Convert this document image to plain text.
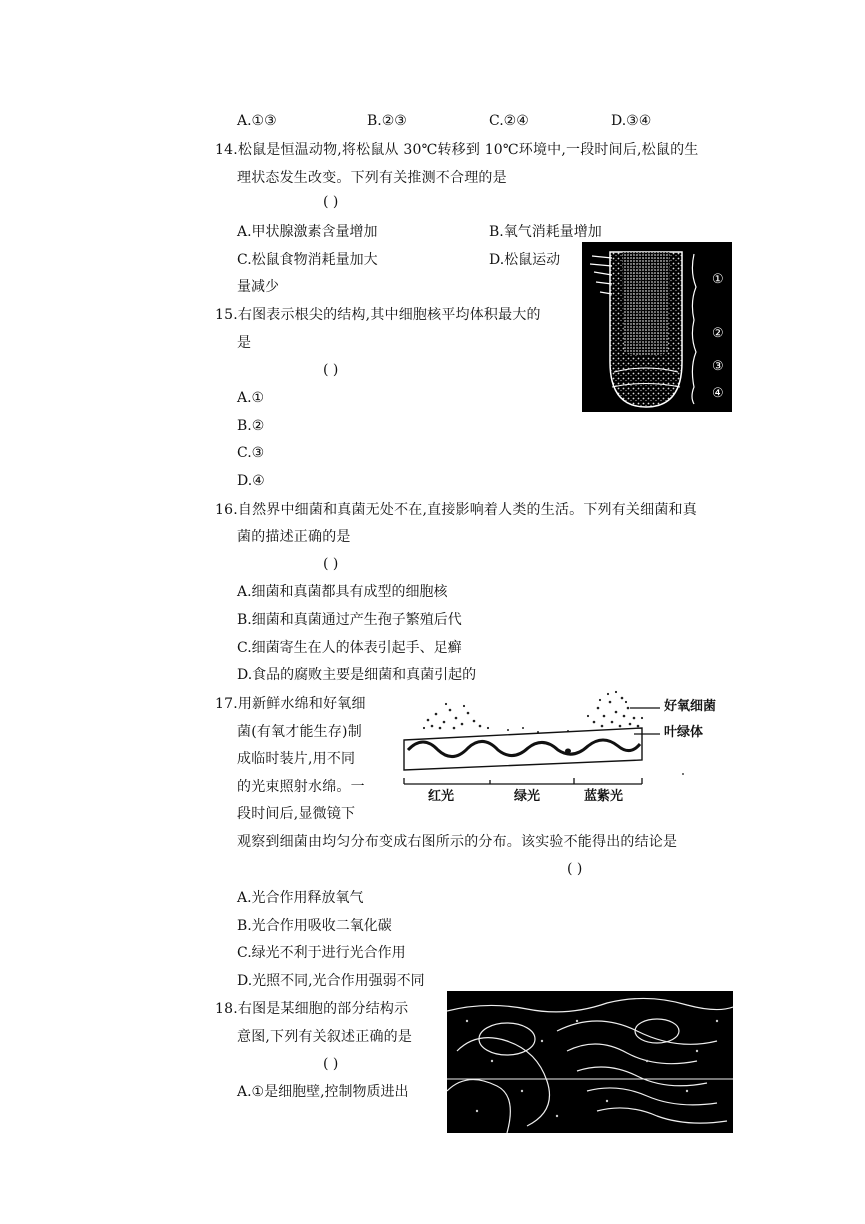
A.①③	B.②③	C.②④	D.③④
14.松鼠是恒温动物,将松鼠从 30℃转移到 10℃环境中,一段时间后,松鼠的生
理状态发生改变。下列有关推测不合理的是
( )
A.甲状腺激素含量增加	B.氧气消耗量增加
C.松鼠食物消耗量加大	D.松鼠运动
量减少	①
②
③
④
15.右图表示根尖的结构,其中细胞核平均体积最大的
是
( )
A.①
B.②
C.③
D.④
16.自然界中细菌和真菌无处不在,直接影响着人类的生活。下列有关细菌和真
菌的描述正确的是
( )
A.细菌和真菌都具有成型的细胞核
B.细菌和真菌通过产生孢子繁殖后代
C.细菌寄生在人的体表引起手、足癣
D.食品的腐败主要是细菌和真菌引起的
17.用新鲜水绵和好氧细
菌(有氧才能生存)制
成临时装片,用不同
的光束照射水绵。一
段时间后,显微镜下
观察到细菌由均匀分布变成右图所示的分布。该实验不能得出的结论是
( )
A.光合作用释放氧气
B.光合作用吸收二氧化碳
C.绿光不利于进行光合作用
D.光照不同,光合作用强弱不同
好氧细菌
叶绿体
红光	绿光	蓝紫光
18.右图是某细胞的部分结构示
意图,下列有关叙述正确的是
( )
A.①是细胞壁,控制物质进出
